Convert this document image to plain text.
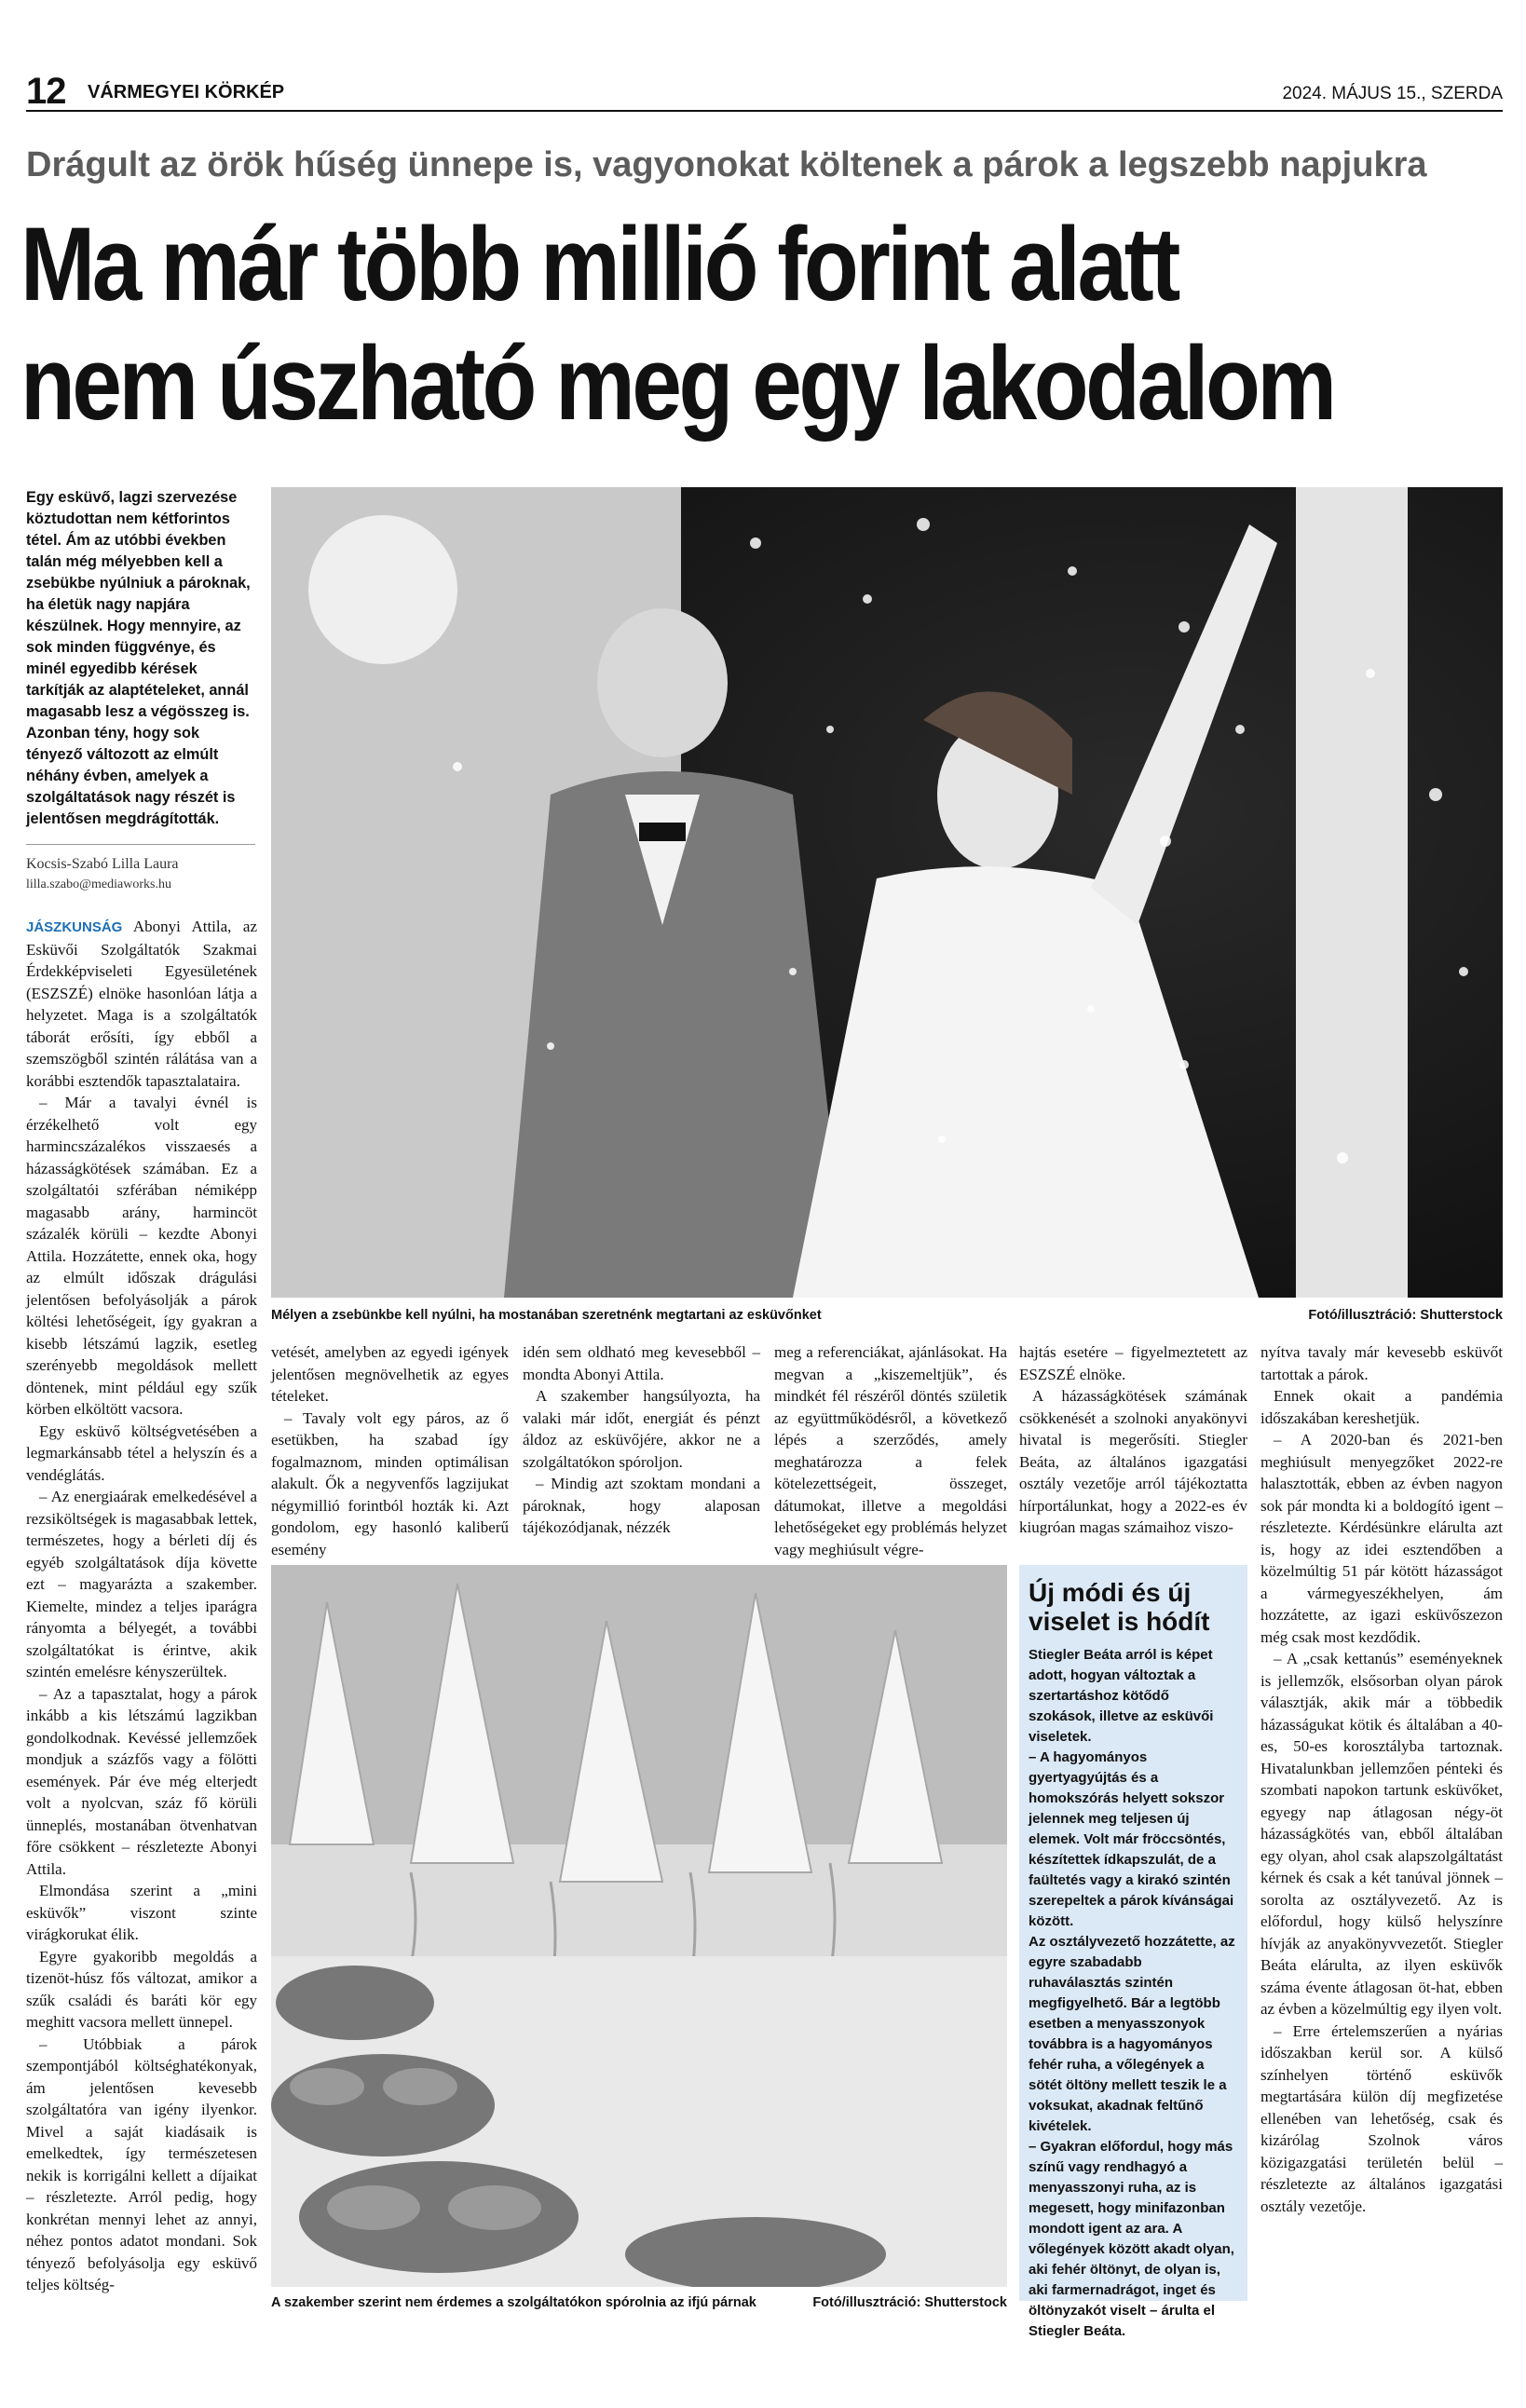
12 VÁRMEGYEI KÖRKÉP	2024. MÁJUS 15., SZERDA
Drágult az örök hűség ünnepe is, vagyonokat költenek a párok a legszebb napjukra
Ma már több millió forint alatt
nem úszható meg egy lakodalom
Egy esküvő, lagzi szervezése köztudottan nem kétforintos tétel. Ám az utóbbi években talán még mélyebben kell a zsebükbe nyúlniuk a pároknak, ha életük nagy napjára készülnek. Hogy mennyire, az sok minden függvénye, és minél egyedibb kérések tarkítják az alaptételeket, annál magasabb lesz a végösszeg is. Azonban tény, hogy sok tényező változott az elmúlt néhány évben, amelyek a szolgáltatások nagy részét is jelentősen megdrágították.
Kocsis-Szabó Lilla Laura
lilla.szabo@mediaworks.hu
Mélyen a zsebünkbe kell nyúlni, ha mostanában szeretnénk megtartani az esküvőnket	Fotó/illusztráció: Shutterstock

JÁSZKUNSÁG Abonyi Attila, az Esküvői Szolgáltatók Szakmai Érdekképviseleti Egyesületének (ESZSZÉ) elnöke hasonlóan látja a helyzetet. Maga is a szolgáltatók táborát erősíti, így ebből a szemszögből szintén rálátása van a korábbi esztendők tapasztalataira.

– Már a tavalyi évnél is érzékelhető volt egy harmincszázalékos visszaesés a házasságkötések számában. Ez a szolgáltatói szférában némiképp magasabb arány, harmincöt százalék körüli – kezdte Abonyi Attila. Hozzátette, ennek oka, hogy az elmúlt időszak drágulási jelentősen befolyásolják a párok költési lehetőségeit, így gyakran a kisebb létszámú lagzik, esetleg szerényebb megoldások mellett döntenek, mint például egy szűk körben elköltött vacsora.

Egy esküvő költségvetésében a legmarkánsabb tétel a helyszín és a vendéglátás.

– Az energiaárak emelkedésével a rezsiköltségek is magasabbak lettek, természetes, hogy a bérleti díj és egyéb szolgáltatások díja követte ezt – magyarázta a szakember. Kiemelte, mindez a teljes iparágra rányomta a bélyegét, a további szolgáltatókat is érintve, akik szintén emelésre kényszerültek.

– Az a tapasztalat, hogy a párok inkább a kis létszámú lagzikban gondolkodnak. Kevéssé jellemzőek mondjuk a százfős vagy a fölötti események. Pár éve még elterjedt volt a nyolcvan, száz fő körüli ünneplés, mostanában ötvenhatvan főre csökkent – részletezte Abonyi Attila.

Elmondása szerint a „mini esküvők” viszont szinte virágkorukat élik.

Egyre gyakoribb megoldás a tizenöt-húsz fős változat, amikor a szűk családi és baráti kör egy meghitt vacsora mellett ünnepel.

– Utóbbiak a párok szempontjából költséghatékonyak, ám jelentősen kevesebb szolgáltatóra van igény ilyenkor. Mivel a saját kiadásaik is emelkedtek, így természetesen nekik is korrigálni kellett a díjaikat – részletezte. Arról pedig, hogy konkrétan mennyi lehet az annyi, néhez pontos adatot mondani. Sok tényező befolyásolja egy esküvő teljes költség-

vetését, amelyben az egyedi igények jelentősen megnövelhetik az egyes tételeket.

– Tavaly volt egy páros, az ő esetükben, ha szabad így fogalmaznom, minden optimálisan alakult. Ők a negyvenfős lagzijukat négymillió forintból hozták ki. Azt gondolom, egy hasonló kaliberű esemény

idén sem oldható meg kevesebből – mondta Abonyi Attila.

A szakember hangsúlyozta, ha valaki már időt, energiát és pénzt áldoz az esküvőjére, akkor ne a szolgáltatókon spóroljon.

– Mindig azt szoktam mondani a pároknak, hogy alaposan tájékozódjanak, nézzék

meg a referenciákat, ajánlásokat. Ha megvan a „kiszemeltjük”, és mindkét fél részéről döntés születik az együttműködésről, a következő lépés a szerződés, amely meghatározza a felek kötelezettségeit, összeget, dátumokat, illetve a megoldási lehetőségeket egy problémás helyzet vagy meghiúsult végre-

hajtás esetére – figyelmeztetett az ESZSZÉ elnöke.

A házasságkötések számának csökkenését a szolnoki anyakönyvi hivatal is megerősíti. Stiegler Beáta, az általános igazgatási osztály vezetője arról tájékoztatta hírportálunkat, hogy a 2022-es év kiugróan magas számaihoz viszo-

nyítva tavaly már kevesebb esküvőt tartottak a párok.

Ennek okait a pandémia időszakában kereshetjük.

– A 2020-ban és 2021-ben meghiúsult menyegzőket 2022-re halasztották, ebben az évben nagyon sok pár mondta ki a boldogító igent – részletezte. Kérdésünkre elárulta azt is, hogy az idei esztendőben a közelmúltig 51 pár kötött házasságot a vármegyeszékhelyen, ám hozzátette, az igazi esküvőszezon még csak most kezdődik.

– A „csak kettanús” eseményeknek is jellemzők, elsősorban olyan párok választják, akik már a többedik házasságukat kötik és általában a 40-es, 50-es korosztályba tartoznak. Hivatalunkban jellemzően pénteki és szombati napokon tartunk esküvőket, egyegy nap átlagosan négy-öt házasságkötés van, ebből általában egy olyan, ahol csak alapszolgáltatást kérnek és csak a két tanúval jönnek – sorolta az osztályvezető. Az is előfordul, hogy külső helyszínre hívják az anyakönyvvezetőt. Stiegler Beáta elárulta, az ilyen esküvők száma évente átlagosan öt-hat, ebben az évben a közelmúltig egy ilyen volt.

– Erre értelemszerűen a nyárias időszakban kerül sor. A külső színhelyen történő esküvők megtartására külön díj megfizetése ellenében van lehetőség, csak és kizárólag Szolnok város közigazgatási területén belül – részletezte az általános igazgatási osztály vezetője.

A szakember szerint nem érdemes a szolgáltatókon spórolnia az ifjú párnak	Fotó/illusztráció: Shutterstock
Új módi és új viselet is hódít

Stiegler Beáta arról is képet adott, hogyan változtak a szertartáshoz kötődő szokások, illetve az esküvői viseletek.

– A hagyományos gyertyagyújtás és a homokszórás helyett sokszor jelennek meg teljesen új elemek. Volt már fröccsöntés, készítettek ídkapszulát, de a faültetés vagy a kirakó szintén szerepeltek a párok kívánságai között.

Az osztályvezető hozzátette, az egyre szabadabb ruhaválasztás szintén megfigyelhető. Bár a legtöbb esetben a menyasszonyok továbbra is a hagyományos fehér ruha, a vőlegények a sötét öltöny mellett teszik le a voksukat, akadnak feltűnő kivételek.

– Gyakran előfordul, hogy más színű vagy rendhagyó a menyasszonyi ruha, az is megesett, hogy minifazonban mondott igent az ara. A vőlegények között akadt olyan, aki fehér öltönyt, de olyan is, aki farmernadrágot, inget és öltönyzakót viselt – árulta el Stiegler Beáta.
